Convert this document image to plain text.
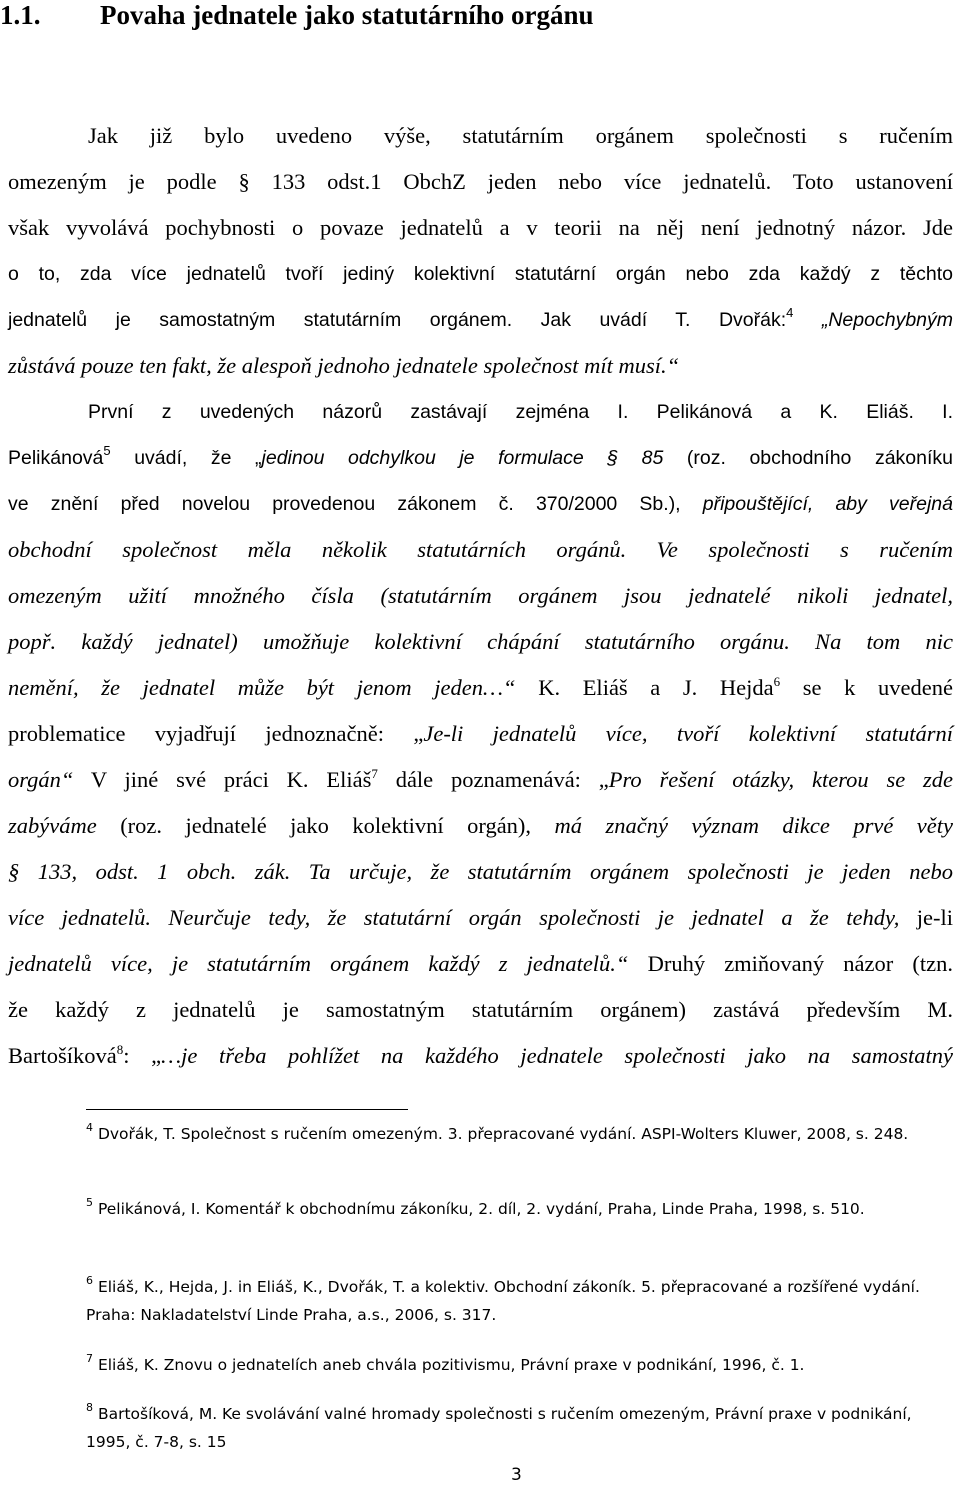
1.1. Povaha jednatele jako statutárního orgánu
Jak již bylo uvedeno výše, statutárním orgánem společnosti s ručením
omezeným je podle § 133 odst.1 ObchZ jeden nebo více jednatelů. Toto ustanovení
však vyvolává pochybnosti o povaze jednatelů a v teorii na něj není jednotný názor. Jde
o to, zda více jednatelů tvoří jediný kolektivní statutární orgán nebo zda každý z těchto
jednatelů je samostatným statutárním orgánem. Jak uvádí T. Dvořák:$^4$ „Nepochybným
zůstává pouze ten fakt, že alespoň jednoho jednatele společnost mít musí.“
První z uvedených názorů zastávají zejména I. Pelikánová a K. Eliáš. I.
Pelikánová$^5$ uvádí, že „jedinou odchylkou je formulace § 85 (roz. obchodního zákoníku
ve znění před novelou provedenou zákonem č. 370/2000 Sb.), připouštějící, aby veřejná
obchodní společnost měla několik statutárních orgánů. Ve společnosti s ručením
omezeným užití množného čísla (statutárním orgánem jsou jednatelé nikoli jednatel,
popř. každý jednatel) umožňuje kolektivní chápání statutárního orgánu. Na tom nic
nemění, že jednatel může být jenom jeden…“ K. Eliáš a J. Hejda$^6$ se k uvedené
problematice vyjadřují jednoznačně: „Je-li jednatelů více, tvoří kolektivní statutární
orgán“ V jiné své práci K. Eliáš$^7$ dále poznamenává: „Pro řešení otázky, kterou se zde
zabýváme (roz. jednatelé jako kolektivní orgán), má značný význam dikce prvé věty
§ 133, odst. 1 obch. zák. Ta určuje, že statutárním orgánem společnosti je jeden nebo
více jednatelů. Neurčuje tedy, že statutární orgán společnosti je jednatel a že tehdy, je-li
jednatelů více, je statutárním orgánem každý z jednatelů.“ Druhý zmiňovaný názor (tzn.
že každý z jednatelů je samostatným statutárním orgánem) zastává především M.
Bartošíková$^8$: „…je třeba pohlížet na každého jednatele společnosti jako na samostatný
$^4$ Dvořák, T. Společnost s ručením omezeným. 3. přepracované vydání. ASPI-Wolters Kluwer, 2008, s. 248.
$^5$ Pelikánová, I. Komentář k obchodnímu zákoníku, 2. díl, 2. vydání, Praha, Linde Praha, 1998, s. 510.
$^6$ Eliáš, K., Hejda, J. in Eliáš, K., Dvořák, T. a kolektiv. Obchodní zákoník. 5. přepracované a rozšířené vydání. Praha: Nakladatelství Linde Praha, a.s., 2006, s. 317.
$^7$ Eliáš, K. Znovu o jednatelích aneb chvála pozitivismu, Právní praxe v podnikání, 1996, č. 1.
$^8$ Bartošíková, M. Ke svolávání valné hromady společnosti s ručením omezeným, Právní praxe v podnikání, 1995, č. 7-8, s. 15
3
